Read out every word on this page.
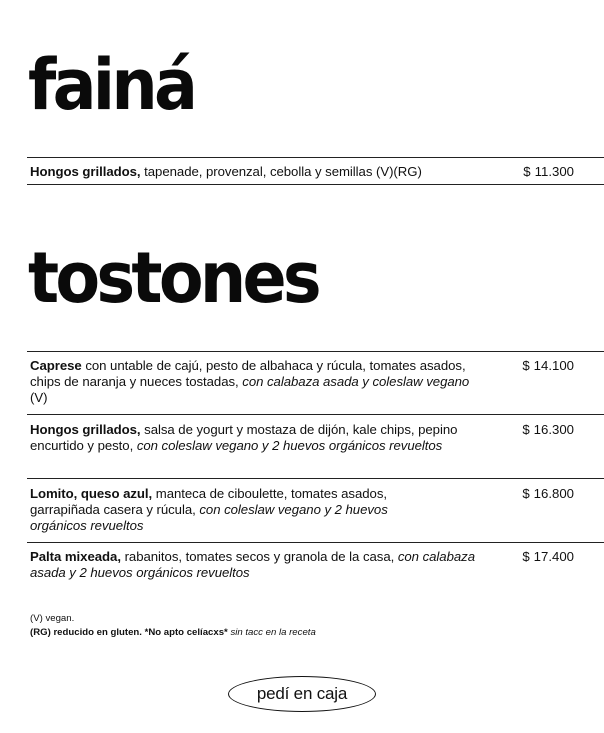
fainá
Hongos grillados, tapenade, provenzal, cebolla y semillas (V)(RG)	$ 11.300
tostones
Caprese con untable de cajú, pesto de albahaca y rúcula, tomates asados, chips de naranja y nueces tostadas, con calabaza asada y coleslaw vegano (V)
$ 14.100
Hongos grillados, salsa de yogurt y mostaza de dijón, kale chips, pepino encurtido y pesto, con coleslaw vegano y 2 huevos orgánicos revueltos
$ 16.300
Lomito, queso azul, manteca de ciboulette, tomates asados, garrapiñada casera y rúcula, con coleslaw vegano y 2 huevos orgánicos revueltos
$ 16.800
Palta mixeada, rabanitos, tomates secos y granola de la casa, con calabaza asada y 2 huevos orgánicos revueltos
$ 17.400
(V) vegan.
(RG) reducido en gluten. *No apto celíacxs* sin tacc en la receta
pedí en caja
